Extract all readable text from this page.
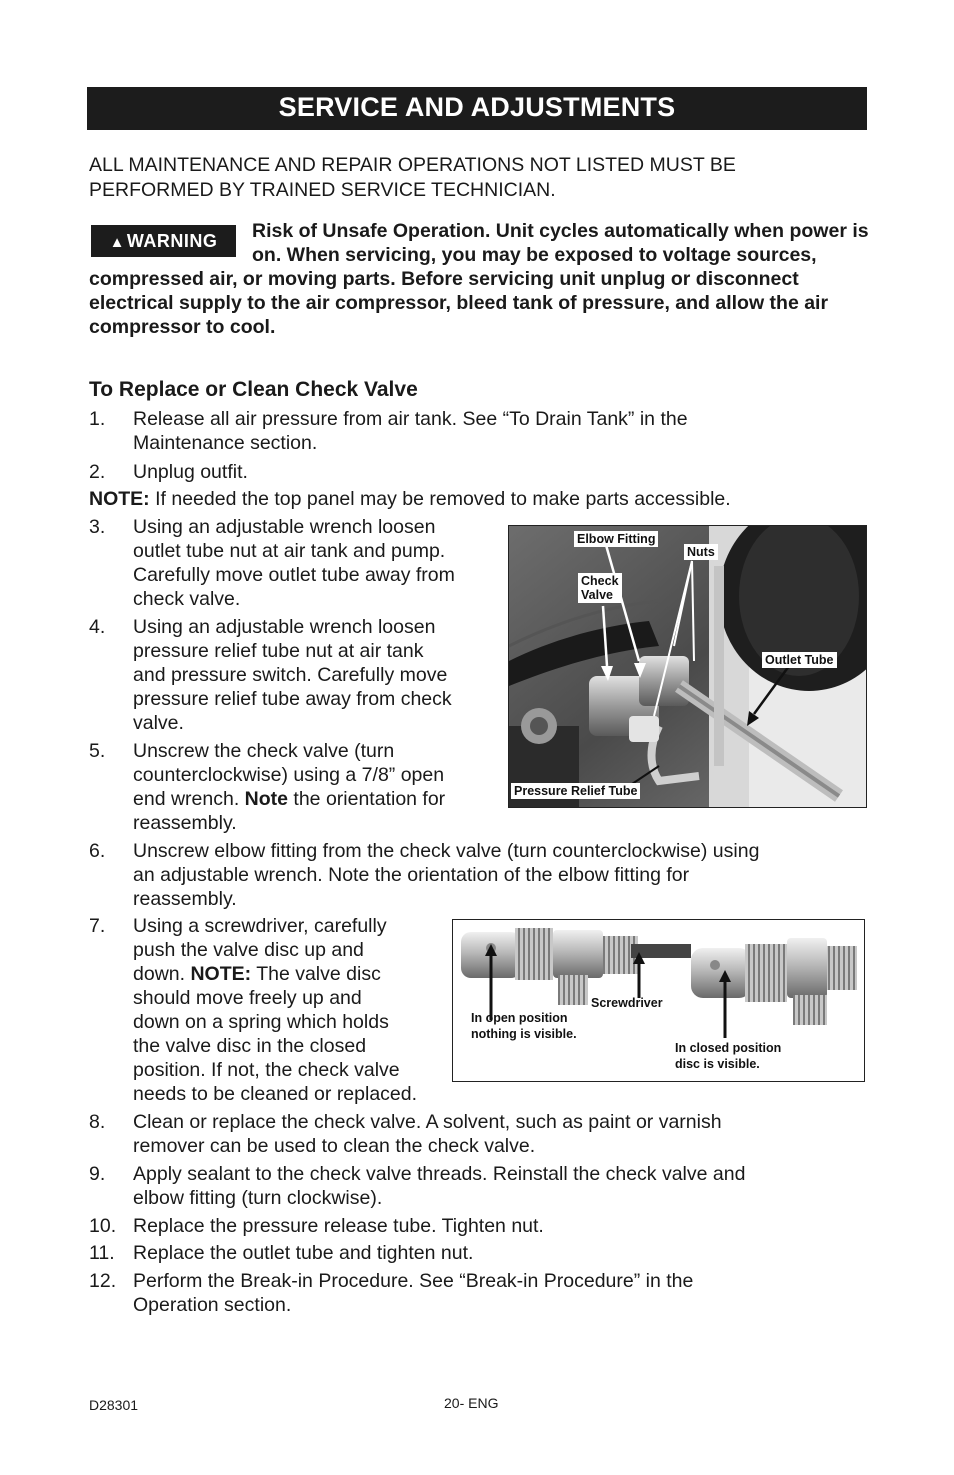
SERVICE AND ADJUSTMENTS
ALL MAINTENANCE AND REPAIR OPERATIONS NOT LISTED MUST BE PERFORMED BY TRAINED SERVICE TECHNICIAN.
Risk of Unsafe Operation. Unit cycles automatically when power is on. When servicing, you may be exposed to voltage sources, compressed air, or moving parts. Before servicing unit unplug or disconnect electrical supply to the air compressor, bleed tank of pressure, and allow the air compressor to cool.
▲ WARNING
To Replace or Clean Check Valve
1. Release all air pressure from air tank. See “To Drain Tank” in the
Maintenance section.
2. Unplug outfit.
NOTE: If needed the top panel may be removed to make parts accessible.
3. Using an adjustable wrench loosen
outlet tube nut at air tank and pump.
Carefully move outlet tube away from
check valve.
4. Using an adjustable wrench loosen
pressure relief tube nut at air tank
and pressure switch. Carefully move
pressure relief tube away from check
valve.
5. Unscrew the check valve (turn
counterclockwise) using a 7/8” open
end wrench. Note the orientation for
reassembly.
Elbow Fitting
Nuts
Check
Valve
Outlet Tube
Pressure Relief Tube
6. Unscrew elbow fitting from the check valve (turn counterclockwise) using
an adjustable wrench. Note the orientation of the elbow fitting for
reassembly.
7. Using a screwdriver, carefully
push the valve disc up and
down. NOTE: The valve disc
should move freely up and
down on a spring which holds
the valve disc in the closed
position. If not, the check valve
needs to be cleaned or replaced.
Screwdriver
In open position
nothing is visible.
In closed position
disc is visible.
8. Clean or replace the check valve. A solvent, such as paint or varnish
remover can be used to clean the check valve.
9. Apply sealant to the check valve threads. Reinstall the check valve and
elbow fitting (turn clockwise).
10. Replace the pressure release tube. Tighten nut.
11. Replace the outlet tube and tighten nut.
12. Perform the Break-in Procedure. See “Break-in Procedure” in the
Operation section.
D28301	20- ENG
